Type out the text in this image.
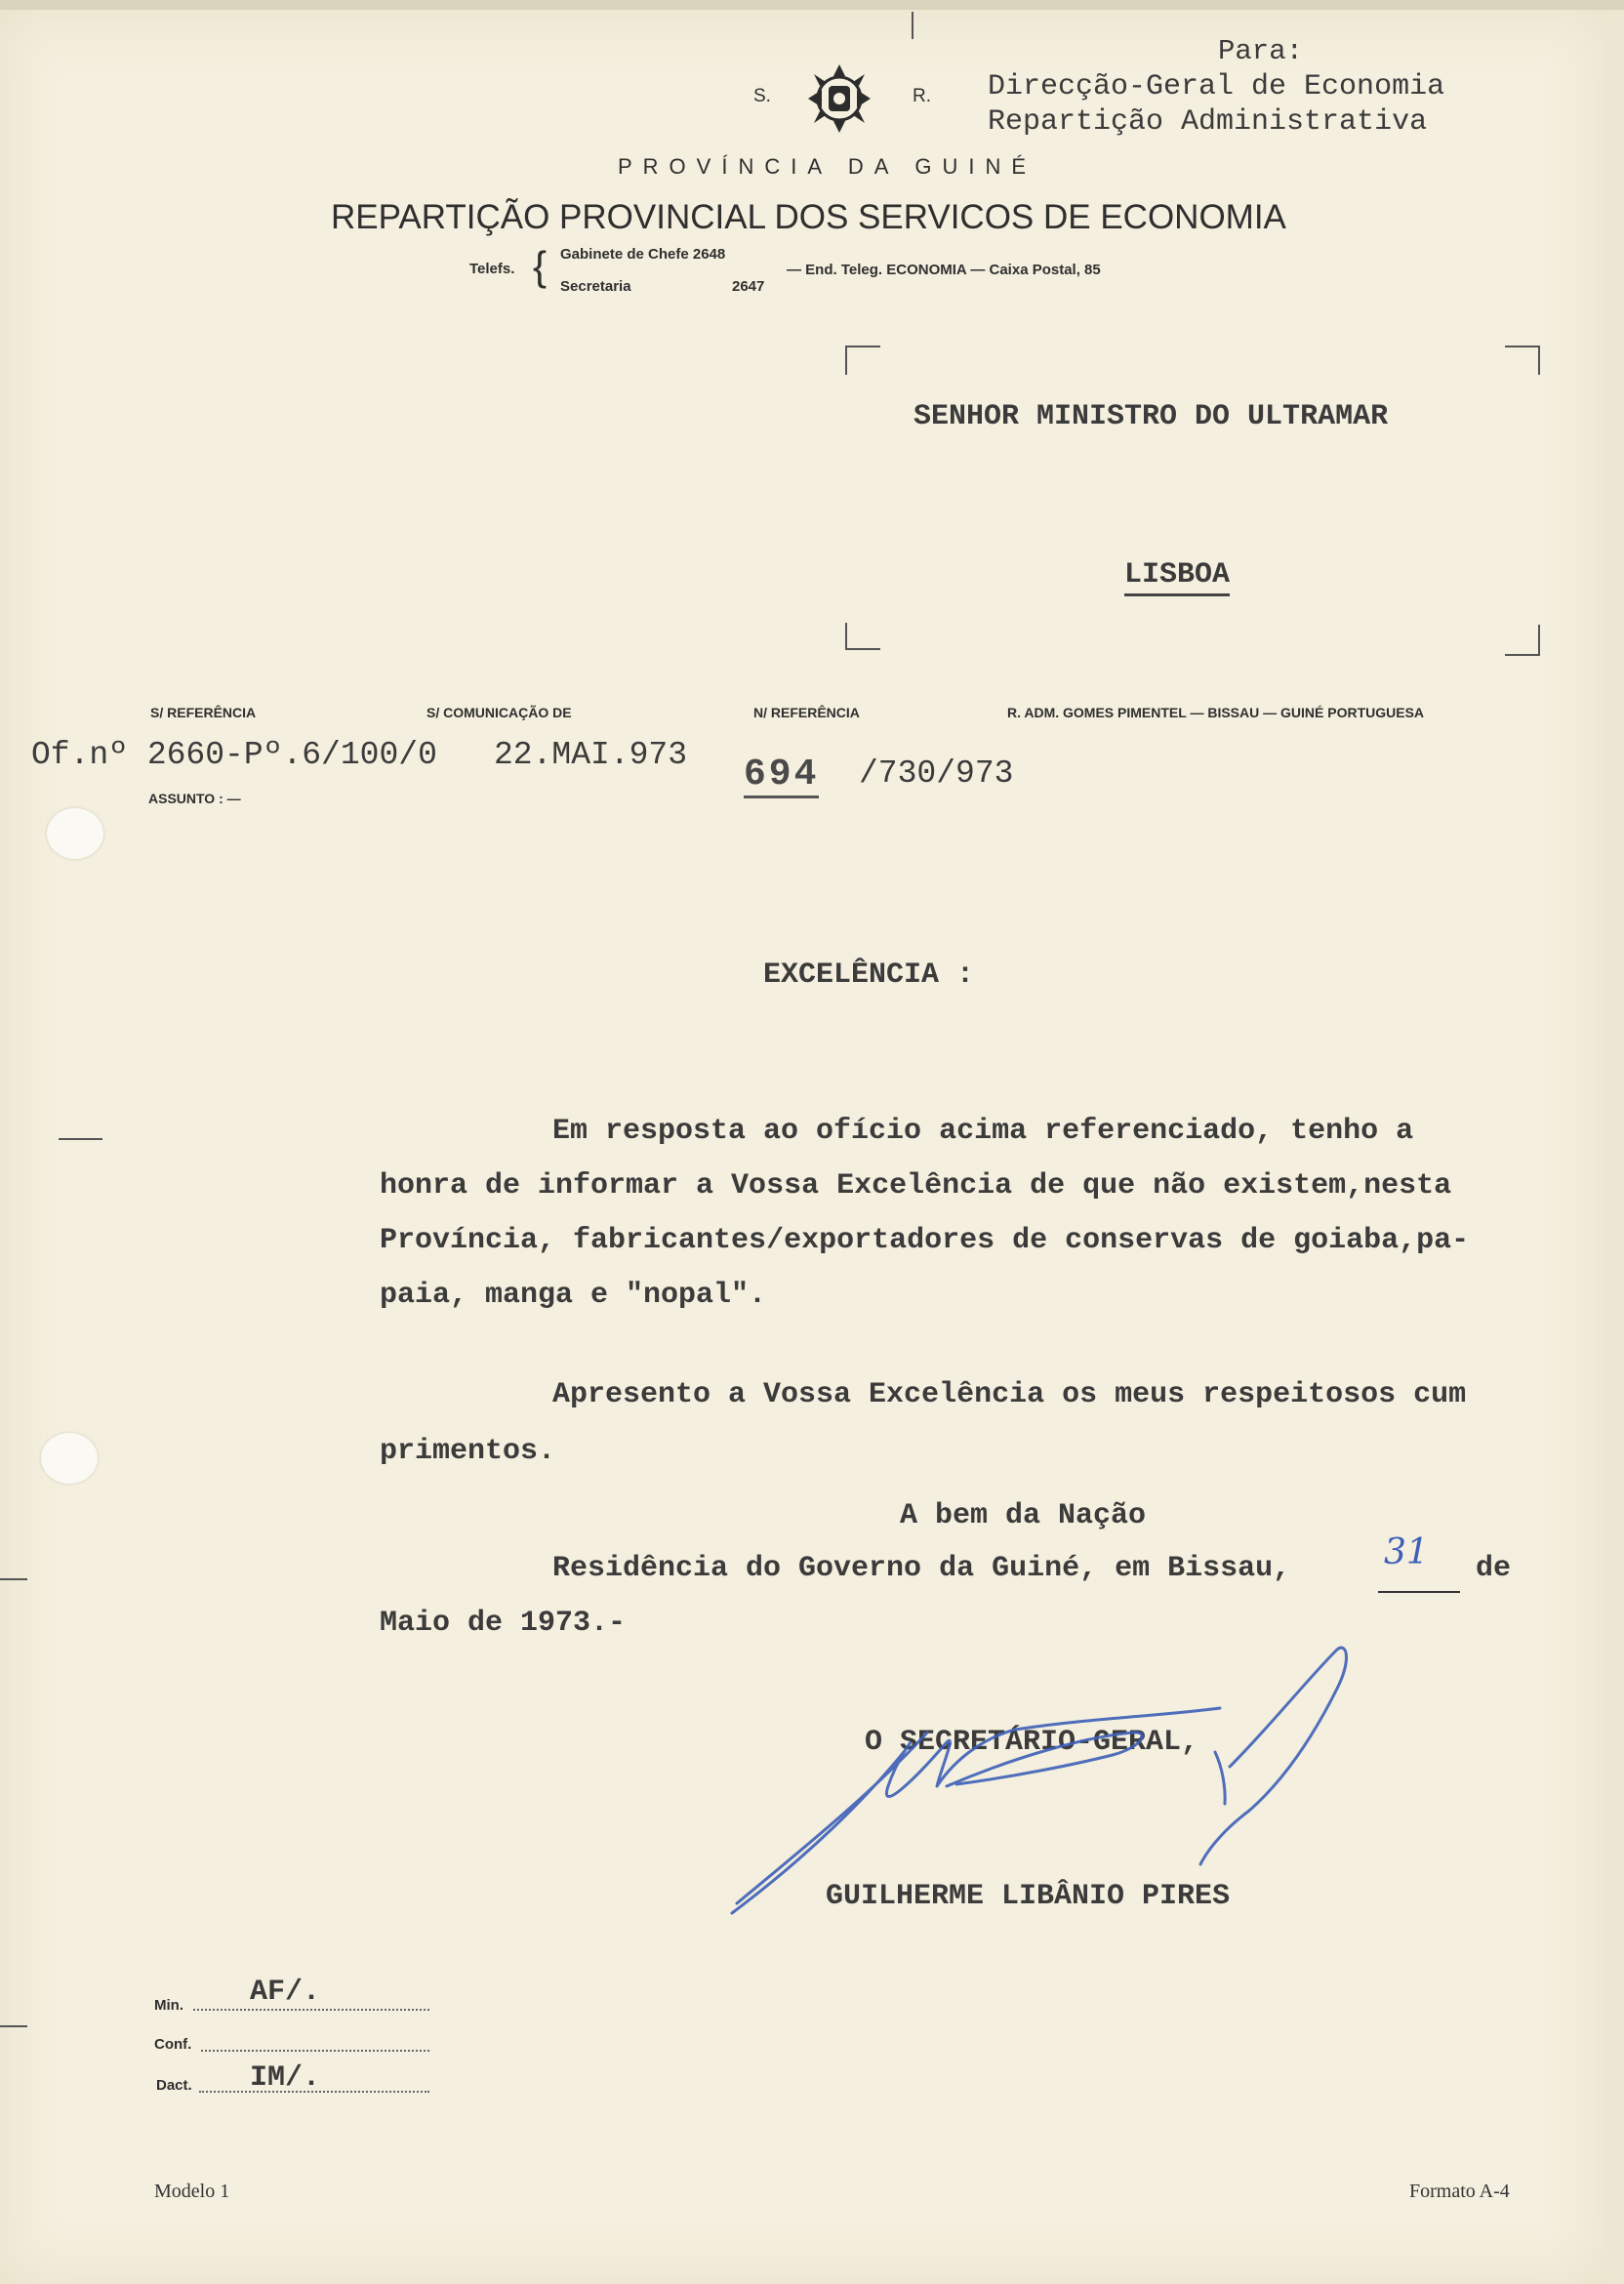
Para:
Direcção-Geral de Economia
Repartição Administrativa
S.	R.
PROVÍNCIA DA GUINÉ
REPARTIÇÃO PROVINCIAL DOS SERVICOS DE ECONOMIA
Telefs. { Gabinete de Chefe 2648
Secretaria	2647
— End. Teleg. ECONOMIA — Caixa Postal, 85
SENHOR MINISTRO DO ULTRAMAR
LISBOA
S/ REFERÊNCIA	S/ COMUNICAÇÃO DE	N/ REFERÊNCIA	R. ADM. GOMES PIMENTEL — BISSAU — GUINÉ PORTUGUESA
Of.nº 2660-Pº.6/100/0 22.MAI.973 694 /730/973
ASSUNTO : —
EXCELÊNCIA :
Em resposta ao ofício acima referenciado, tenho a
honra de informar a Vossa Excelência de que não existem,nesta
Província, fabricantes/exportadores de conservas de goiaba,pa-
paia, manga e "nopal".
Apresento a Vossa Excelência os meus respeitosos cum
primentos.
A bem da Nação
Residência do Governo da Guiné, em Bissau,	31 de
Maio de 1973.-
O SECRETÁRIO-GERAL,
GUILHERME LIBÂNIO PIRES
Min. AF/.
Conf.
Dact. IM/.
Modelo 1	Formato A-4
